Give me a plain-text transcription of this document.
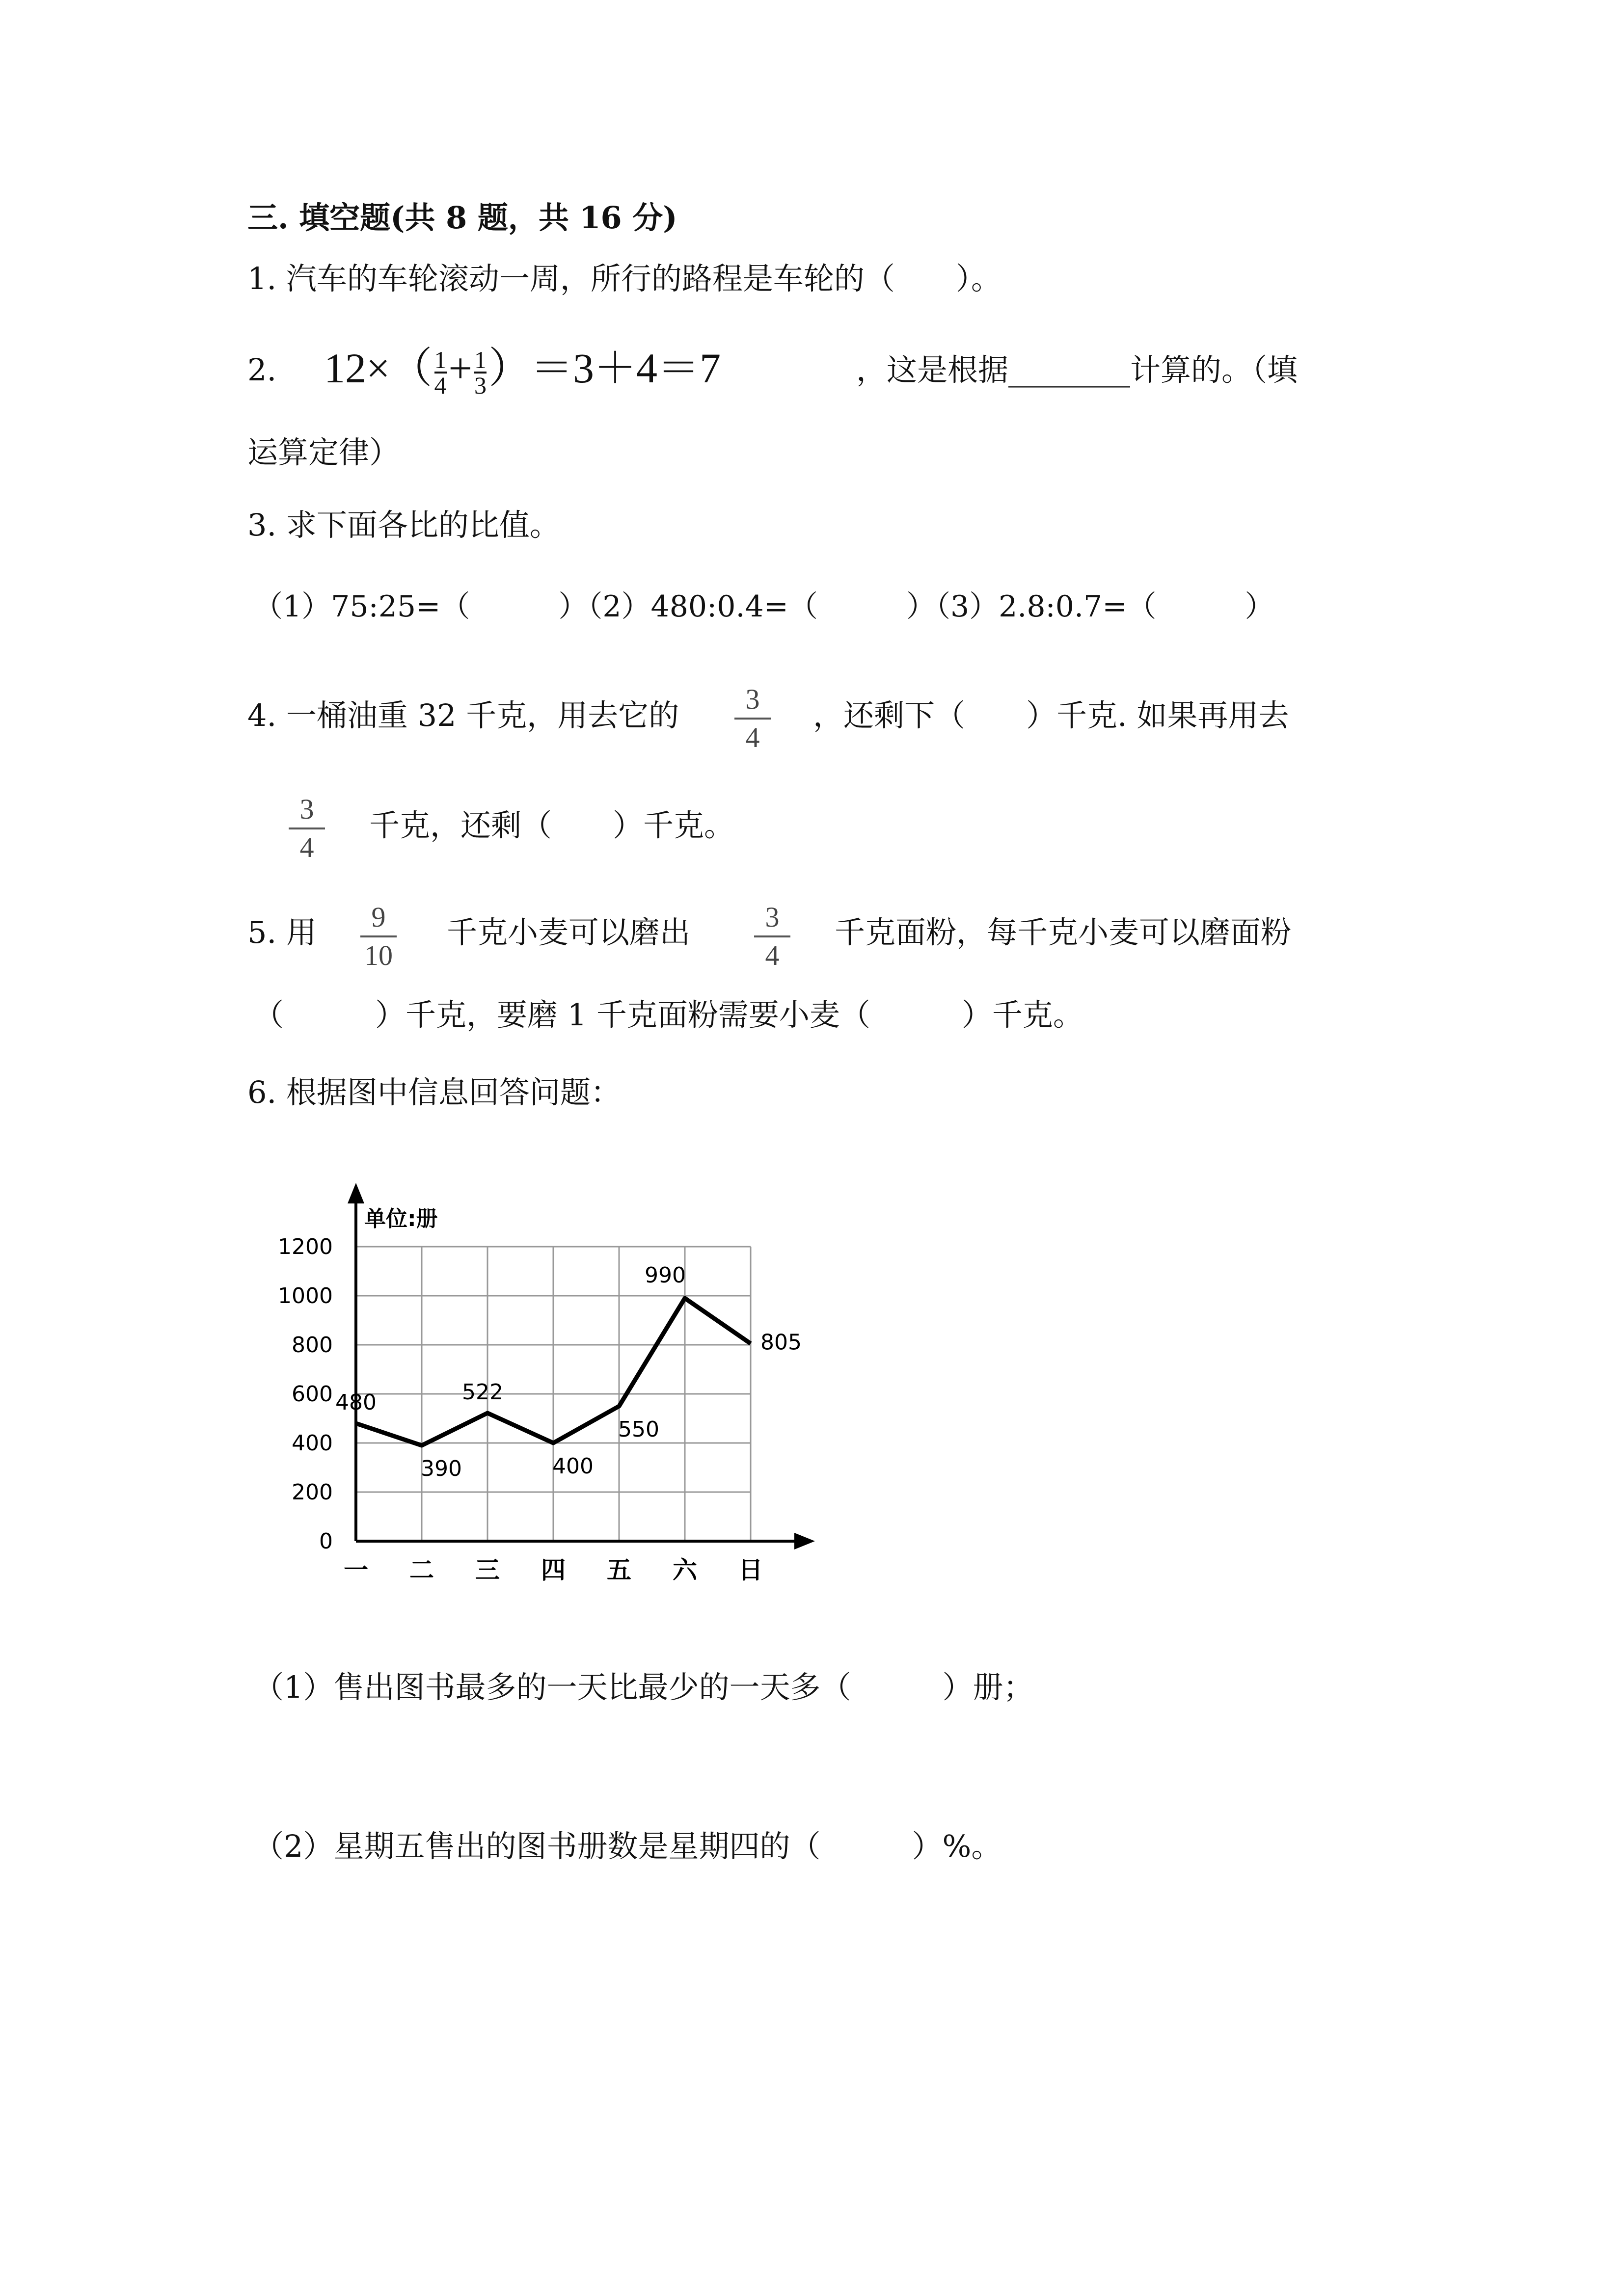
三. 填空题(共 8 题，共 16 分)
1. 汽车的车轮滚动一周，所行的路程是车轮的（　　）。
2. $12\times(\frac{1}{4}+\frac{1}{3})=3+4=7$	，这是根据________计算的。（填
运算定律）
3. 求下面各比的比值。
（1）75:25=（　　　）（2）480:0.4=（　　　）（3）2.8:0.7=（　　　）
4. 一桶油重 32 千克，用去它的	3
4
，还剩下（　　）千克. 如果再用去
3
4
千克，还剩（　　）千克。
5. 用	9
10
千克小麦可以磨出	3
4
千克面粉，每千克小麦可以磨面粉
（　　　）千克，要磨 1 千克面粉需要小麦（　　　）千克。
6. 根据图中信息回答问题：
单位:册
0
200
400
600
800
1000
1200
一 二 三 四 五 六 日
480
390
522
400
550
990
805
（1）售出图书最多的一天比最少的一天多（　　　）册；
（2）星期五售出的图书册数是星期四的（　　　）%。
